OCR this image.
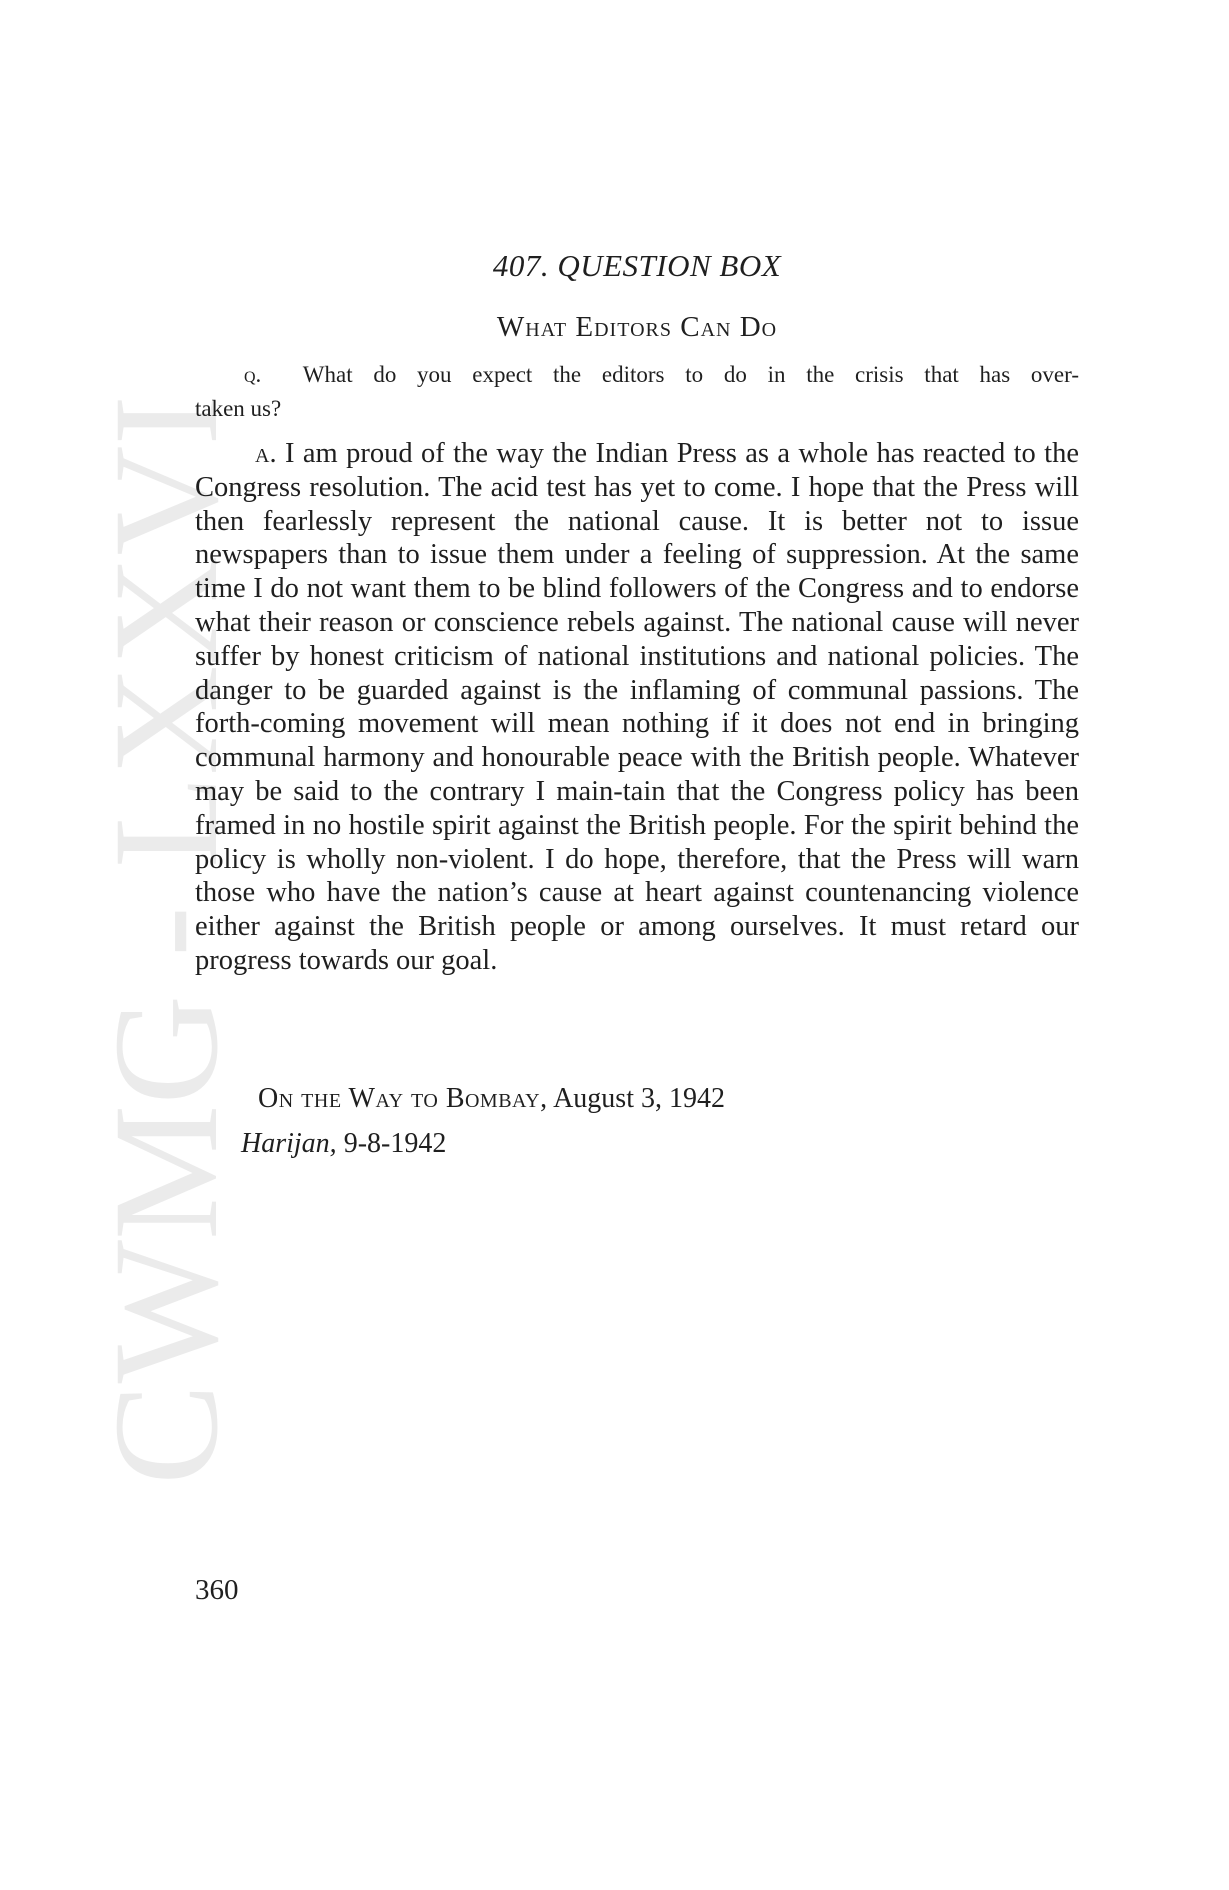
CWMG - LXXVI
407. QUESTION BOX
What Editors Can Do
q. What do you expect the editors to do in the crisis that has over-
taken us?
a. I am proud of the way the Indian Press as a whole has reacted to the Congress resolution. The acid test has yet to come. I hope that the Press will then fearlessly represent the national cause. It is better not to issue newspapers than to issue them under a feeling of suppression. At the same time I do not want them to be blind followers of the Congress and to endorse what their reason or conscience rebels against. The national cause will never suffer by honest criticism of national institutions and national policies. The danger to be guarded against is the inflaming of communal passions. The forth-coming movement will mean nothing if it does not end in bringing communal harmony and honourable peace with the British people. Whatever may be said to the contrary I main-tain that the Congress policy has been framed in no hostile spirit against the British people. For the spirit behind the policy is wholly non-violent. I do hope, therefore, that the Press will warn those who have the nation’s cause at heart against countenancing violence either against the British people or among ourselves. It must retard our progress towards our goal.
On the Way to Bombay, August 3, 1942
Harijan, 9-8-1942
360
